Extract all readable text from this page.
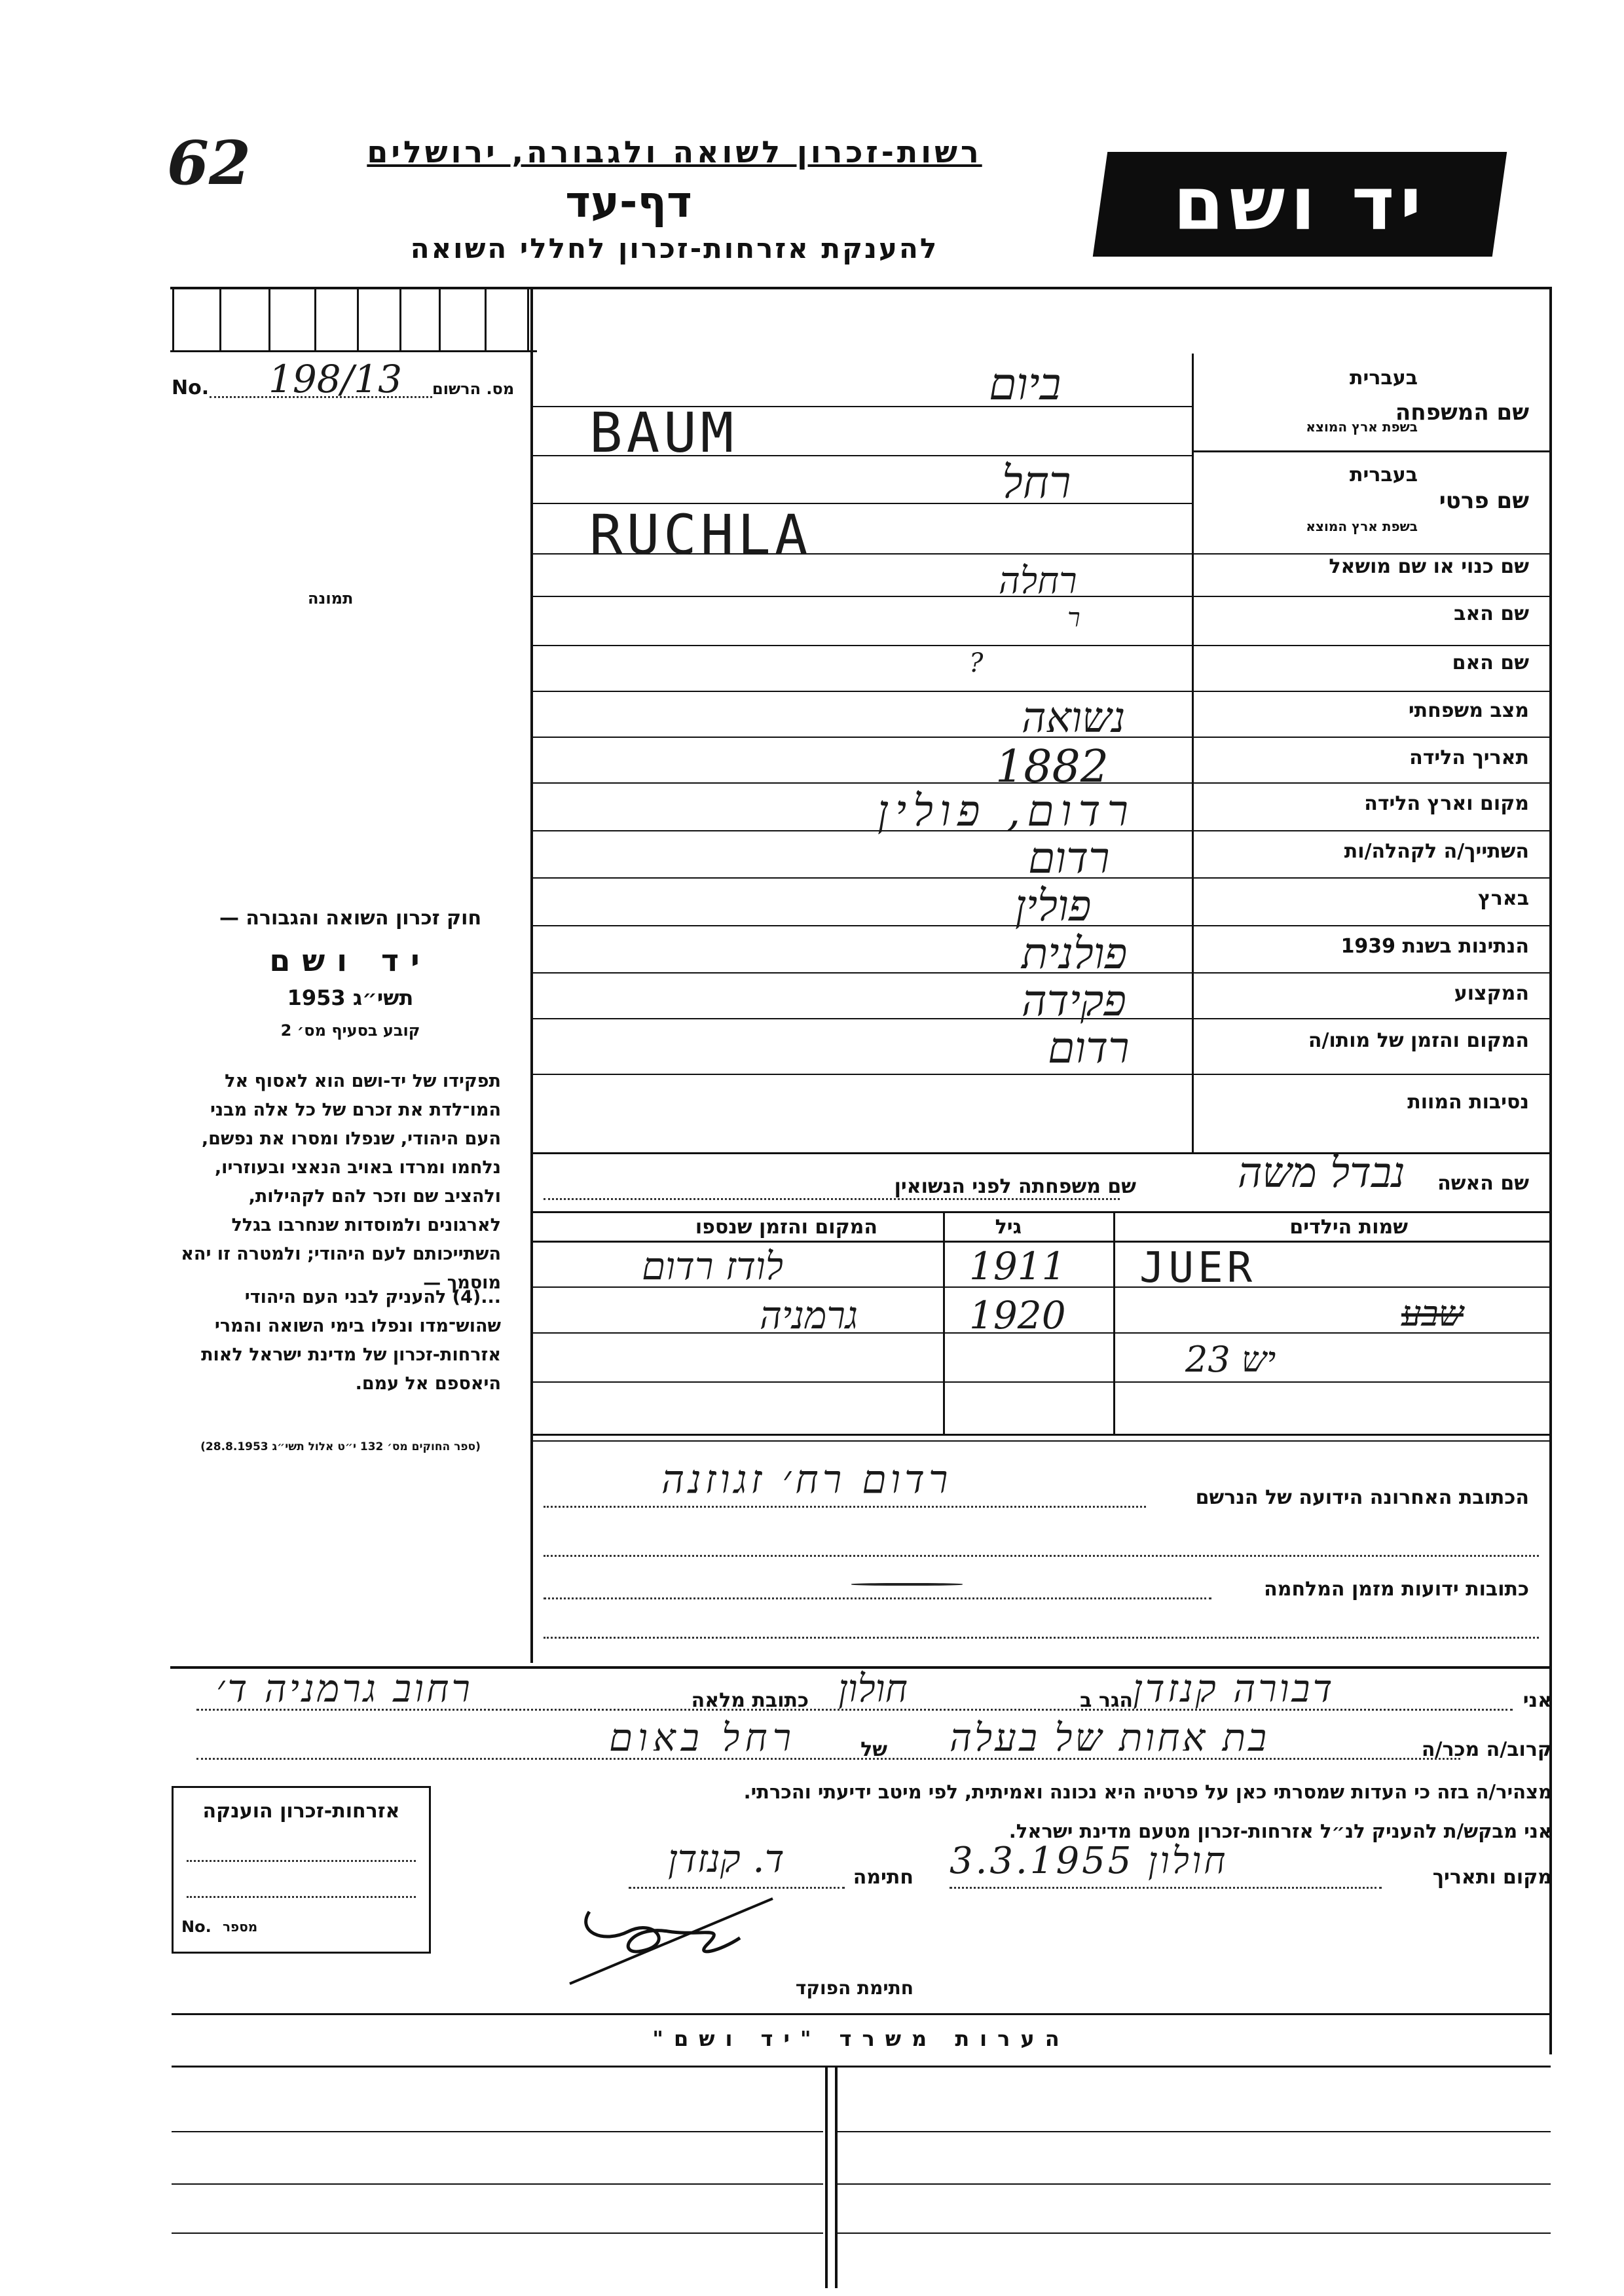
62	רשות-זכרון לשואה ולגבורה, ירושלים
דף-עד
להענקת אזרחות-זכרון לחללי השואה
יד ושם
No. 198/13 מס. הרשום
תמונה
שם המשפחה
בעברית
בשפת ארץ המוצא
שם פרטי
בעברית
בשפת ארץ המוצא
שם כנוי או שם מושאל
שם האב
שם האם
מצב משפחתי
תאריך הלידה
מקום וארץ הלידה
השתייך/ה לקהלה/ות
בארץ
הנתינות בשנת 1939
המקצוע
המקום והזמן של מותו/ה
נסיבות המוות
ביום
BAUM
רחל
RUCHLA
רחלה
ר
?
נשואה
1882
רדום, פולין
רדום
פולין
פולנית
פקידה
רדום
שם האשה
נבדל משה
שם משפחתה לפני הנשואין
שמות הילדים
גיל
המקום והזמן שנספו
JUER
1911
לודז רדום
שבע
1920
גרמניה
יש 23
הכתובת האחרונה הידועה של הנרשם
רדום רח׳ זגוזנה
כתובות ידועות מזמן המלחמה
חוק זכרון השואה והגבורה —
יד ושם
תשי״ג 1953
קובע בסעיף מס׳ 2
תפקידו של יד-ושם הוא לאסוף אל המו־לדת את זכרם של כל אלה מבני העם היהודי, שנפלו ומסרו את נפשם, נלחמו ומרדו באויב הנאצי ובעוזריו, ולהציב שם וזכר להם לקהילות, לארגונים ולמוסדות שנחרבו בגלל השתייכותם לעם היהודי; ולמטרה זו יהא מוסמך —
...(4) להעניק לבני העם היהודי שהוש־מדו ונפלו בימי השואה והמרי אזרחות-זכרון של מדינת ישראל לאות היאספם אל עמם.
(ספר החוקים מס׳ 132 י״ט אלול תשי״ג 28.8.1953)
אני
דבורה קנזדן
הגר ב
חולון
כתובת מלאה
רחוב גרמניה ד׳
קרוב/ה מכר/ה
בת אחות של בעלה
של
רחל באום
מצהיר/ה בזה כי העדות שמסרתי כאן על פרטיה היא נכונה ואמיתית, לפי מיטב ידיעתי והכרתי.
אני מבקש/ת להעניק לנ״ל אזרחות-זכרון מטעם מדינת ישראל.
מקום ותאריך
חולון 3.3.1955
חתימה
ד. קנזדן
חתימת הפוקד
אזרחות-זכרון הוענקה
No. מספר
הערות משרד "יד ושם"
